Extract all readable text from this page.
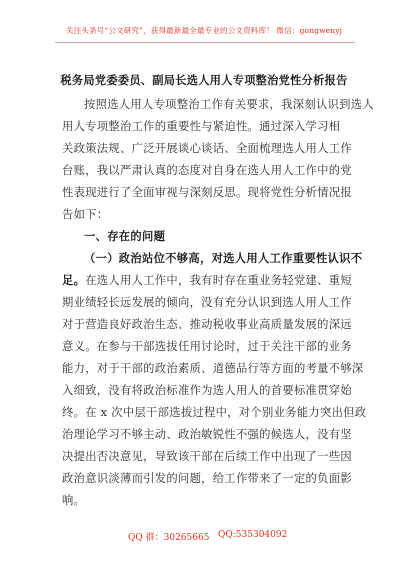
关注头条号“公文研究”，获得最新最全最专业的公文资料库！ 微信：gongwenyj
税务局党委委员、副局长选人用人专项整治党性分析报告
按照选人用人专项整治工作有关要求，我深刻认识到选人
用人专项整治工作的重要性与紧迫性。通过深入学习相
关政策法规、广泛开展谈心谈话、全面梳理选人用人工作
台账，我以严肃认真的态度对自身在选人用人工作中的党
性表现进行了全面审视与深刻反思。现将党性分析情况报
告如下：
一、存在的问题
（一）政治站位不够高，对选人用人工作重要性认识不
足。在选人用人工作中，我有时存在重业务轻党建、重短
期业绩轻长远发展的倾向，没有充分认识到选人用人工作
对于营造良好政治生态、推动税收事业高质量发展的深远
意义。在参与干部选拔任用讨论时，过于关注干部的业务
能力，对于干部的政治素质、道德品行等方面的考量不够深
入细致，没有将政治标准作为选人用人的首要标准贯穿始
终。在 x 次中层干部选拔过程中，对个别业务能力突出但政
治理论学习不够主动、政治敏锐性不强的候选人，没有坚
决提出否决意见，导致该干部在后续工作中出现了一些因
政治意识淡薄而引发的问题，给工作带来了一定的负面影
响。
QQ 群：30265665 QQ:535304092
